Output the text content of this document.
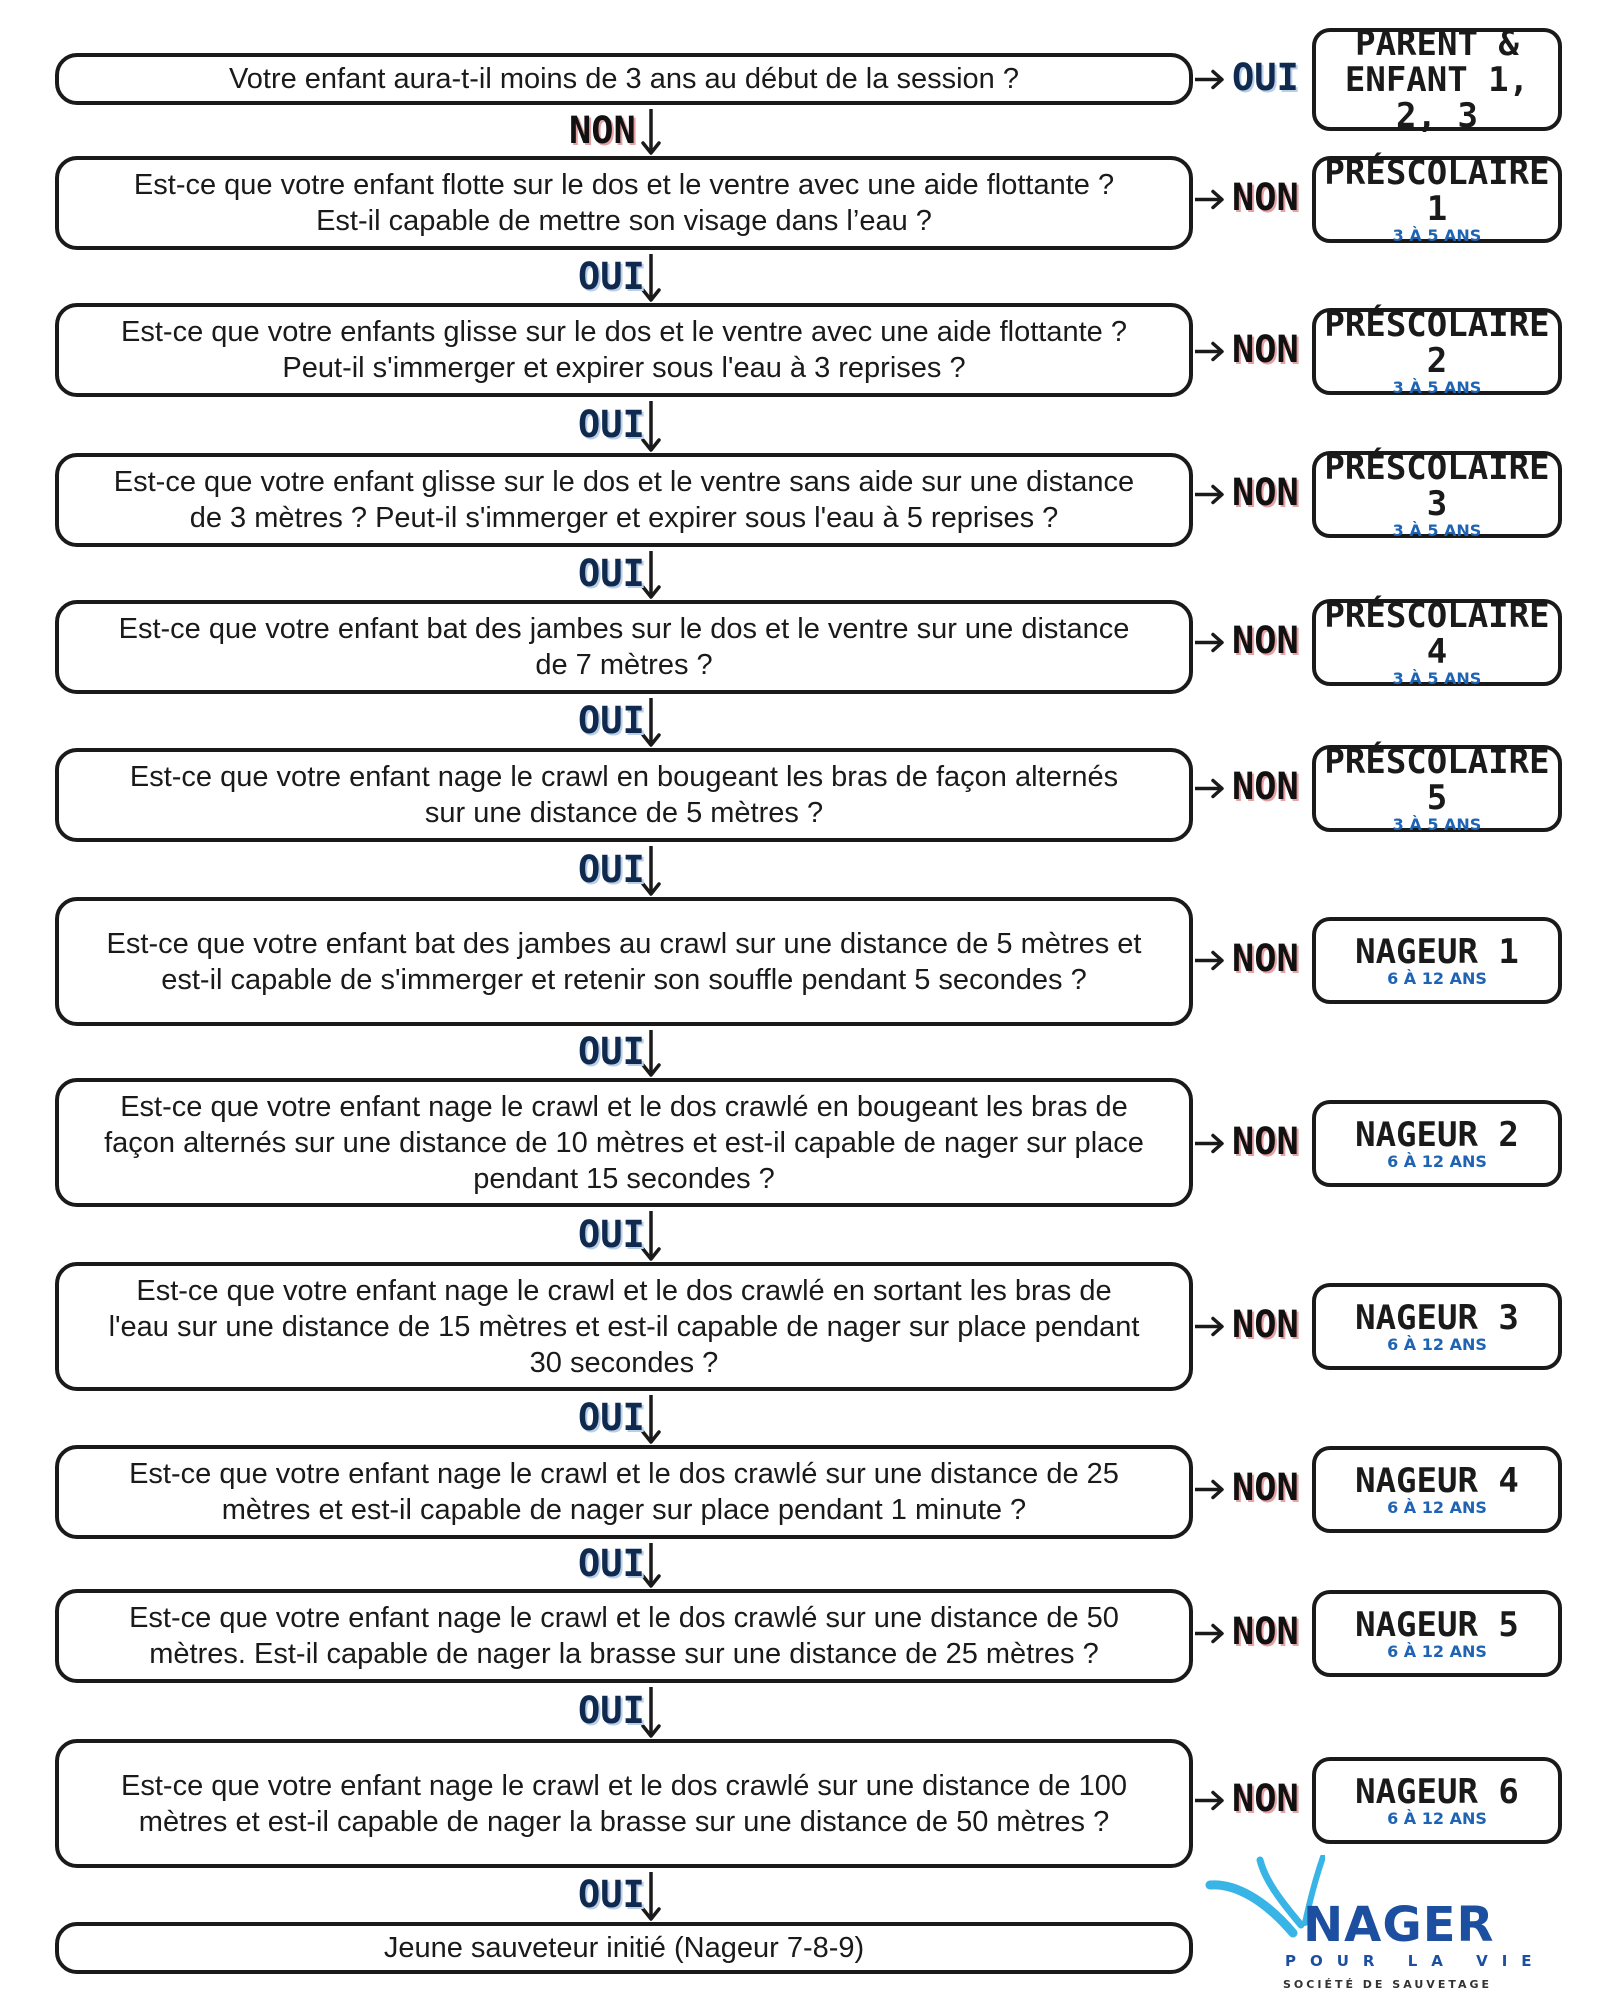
Votre enfant aura-t-il moins de 3 ans au début de la session ?	OUI
Est-ce que votre enfant flotte sur le dos et le ventre avec une aide flottante ?
Est-il capable de mettre son visage dans l’eau ?
NON
Est-ce que votre enfants glisse sur le dos et le ventre avec une aide flottante ?
Peut-il s'immerger et expirer sous l'eau à 3 reprises ?	NON
Est-ce que votre enfant glisse sur le dos et le ventre sans aide sur une distance
de 3 mètres ? Peut-il s'immerger et expirer sous l'eau à 5 reprises ?
NON
Est-ce que votre enfant bat des jambes sur le dos et le ventre sur une distance
de 7 mètres ?
NON
Est-ce que votre enfant nage le crawl en bougeant les bras de façon alternés
sur une distance de 5 mètres ?
NON
Est-ce que votre enfant bat des jambes au crawl sur une distance de 5 mètres et
est-il capable de s'immerger et retenir son souffle pendant 5 secondes ?	NON
Est-ce que votre enfant nage le crawl et le dos crawlé en bougeant les bras de
façon alternés sur une distance de 10 mètres et est-il capable de nager sur place
pendant 15 secondes ?
NON
Est-ce que votre enfant nage le crawl et le dos crawlé en sortant les bras de
l'eau sur une distance de 15 mètres et est-il capable de nager sur place pendant
30 secondes ?
NON
Est-ce que votre enfant nage le crawl et le dos crawlé sur une distance de 25
mètres et est-il capable de nager sur place pendant 1 minute ?
NON
Est-ce que votre enfant nage le crawl et le dos crawlé sur une distance de 50
mètres. Est-il capable de nager la brasse sur une distance de 25 mètres ?
NON
Est-ce que votre enfant nage le crawl et le dos crawlé sur une distance de 100
mètres et est-il capable de nager la brasse sur une distance de 50 mètres ?
NON
Jeune sauveteur initié (Nageur 7-8-9)
PARENT &
ENFANT 1, 2, 3
PRÉSCOLAIRE 1
3 À 5 ANS
PRÉSCOLAIRE 2
3 À 5 ANS
PRÉSCOLAIRE 3
3 À 5 ANS
PRÉSCOLAIRE 4
3 À 5 ANS
PRÉSCOLAIRE 5
3 À 5 ANS
NAGEUR 1
6 À 12 ANS
NAGEUR 2
6 À 12 ANS
NAGEUR 3
6 À 12 ANS
NAGEUR 4
6 À 12 ANS
NAGEUR 5
6 À 12 ANS
NAGEUR 6
6 À 12 ANS
NON
OUI
OUI
OUI
OUI
OUI
OUI
OUI
OUI
OUI
OUI
OUI
NAGER
POUR LA VIE
SOCIÉTÉ DE SAUVETAGE
